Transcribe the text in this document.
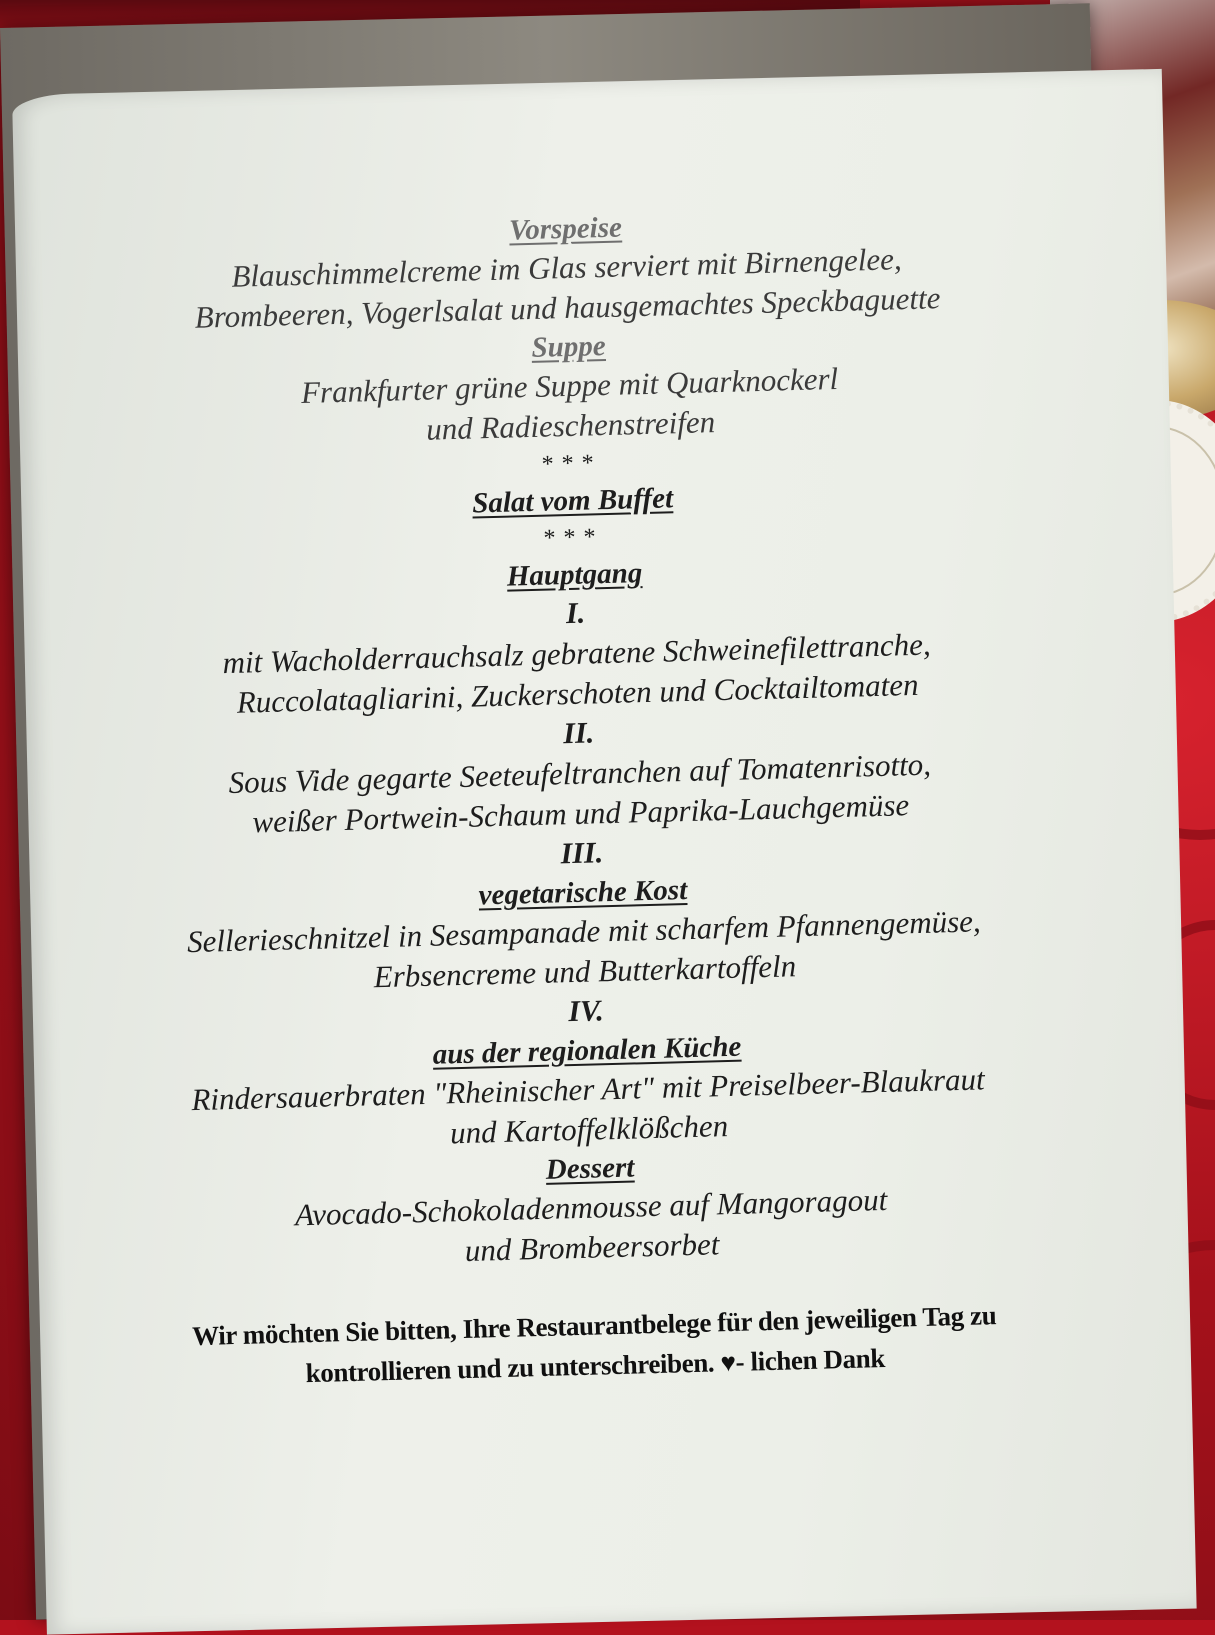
Vorspeise
Blauschimmelcreme im Glas serviert mit Birnengelee,
Brombeeren, Vogerlsalat und hausgemachtes Speckbaguette
Suppe
Frankfurter grüne Suppe mit Quarknockerl
und Radieschenstreifen
***
Salat vom Buffet
***
Hauptgang
I.
mit Wacholderrauchsalz gebratene Schweinefilettranche,
Ruccolatagliarini, Zuckerschoten und Cocktailtomaten
II.
Sous Vide gegarte Seeteufeltranchen auf Tomatenrisotto,
weißer Portwein-Schaum und Paprika-Lauchgemüse
III.
vegetarische Kost
Sellerieschnitzel in Sesampanade mit scharfem Pfannengemüse,
Erbsencreme und Butterkartoffeln
IV.
aus der regionalen Küche
Rindersauerbraten "Rheinischer Art" mit Preiselbeer-Blaukraut
und Kartoffelklößchen
Dessert
Avocado-Schokoladenmousse auf Mangoragout
und Brombeersorbet
Wir möchten Sie bitten, Ihre Restaurantbelege für den jeweiligen Tag zu
kontrollieren und zu unterschreiben. ♥- lichen Dank
